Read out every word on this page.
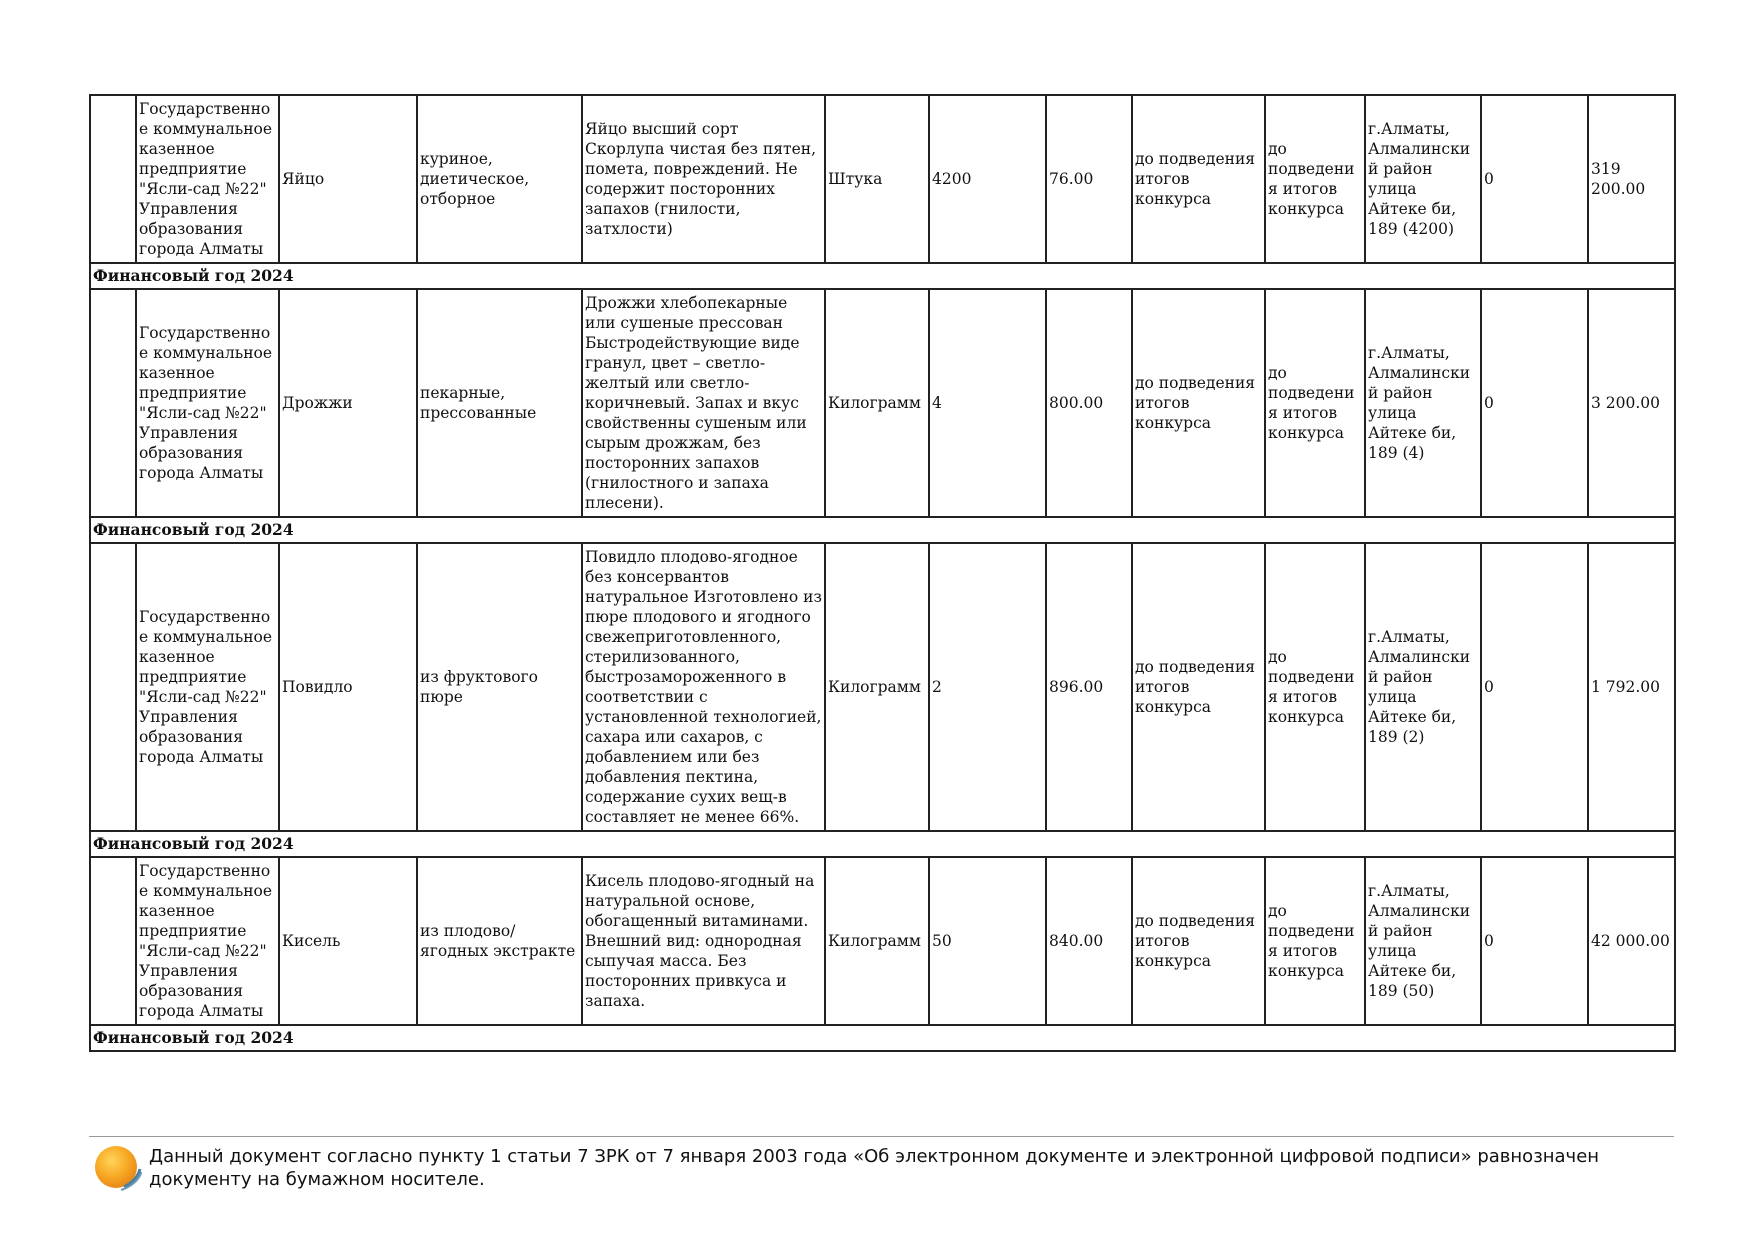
	Государственное коммунальное казенное предприятие "Ясли-сад №22" Управления образования города Алматы	Яйцо	куриное, диетическое, отборное	Яйцо высший сорт Скорлупа чистая без пятен, помета, повреждений. Не содержит посторонних запахов (гнилости, затхлости)	Штука	4200	76.00	до подведения итогов конкурса	до подведения итогов конкурса	г.Алматы, Алмалинский район улица Айтеке би, 189 (4200)	0	319 200.00
Финансовый год 2024												
	Государственное коммунальное казенное предприятие "Ясли-сад №22" Управления образования города Алматы	Дрожжи	пекарные, прессованные	Дрожжи хлебопекарные или сушеные прессован Быстродействующие виде гранул, цвет – светло-желтый или светло-коричневый. Запах и вкус свойственны сушеным или сырым дрожжам, без посторонних запахов (гнилостного и запаха плесени).	Килограмм	4	800.00	до подведения итогов конкурса	до подведения итогов конкурса	г.Алматы, Алмалинский район улица Айтеке би, 189 (4)	0	3 200.00
Финансовый год 2024												
	Государственное коммунальное казенное предприятие "Ясли-сад №22" Управления образования города Алматы	Повидло	из фруктового пюре	Повидло плодово-ягодное без консервантов натуральное Изготовлено из пюре плодового и ягодного свежеприготовленного, стерилизованного, быстрозамороженного в соответствии с установленной технологией, сахара или сахаров, с добавлением или без добавления пектина, содержание сухих вещ-в составляет не менее 66%.	Килограмм	2	896.00	до подведения итогов конкурса	до подведения итогов конкурса	г.Алматы, Алмалинский район улица Айтеке би, 189 (2)	0	1 792.00
Финансовый год 2024												
	Государственное коммунальное казенное предприятие "Ясли-сад №22" Управления образования города Алматы	Кисель	из плодово/ ягодных экстракте	Кисель плодово-ягодный на натуральной основе, обогащенный витаминами. Внешний вид: однородная сыпучая масса. Без посторонних привкуса и запаха.	Килограмм	50	840.00	до подведения итогов конкурса	до подведения итогов конкурса	г.Алматы, Алмалинский район улица Айтеке би, 189 (50)	0	42 000.00
Финансовый год 2024												
Данный документ согласно пункту 1 статьи 7 ЗРК от 7 января 2003 года «Об электронном документе и электронной цифровой подписи» равнозначен документу на бумажном носителе.
